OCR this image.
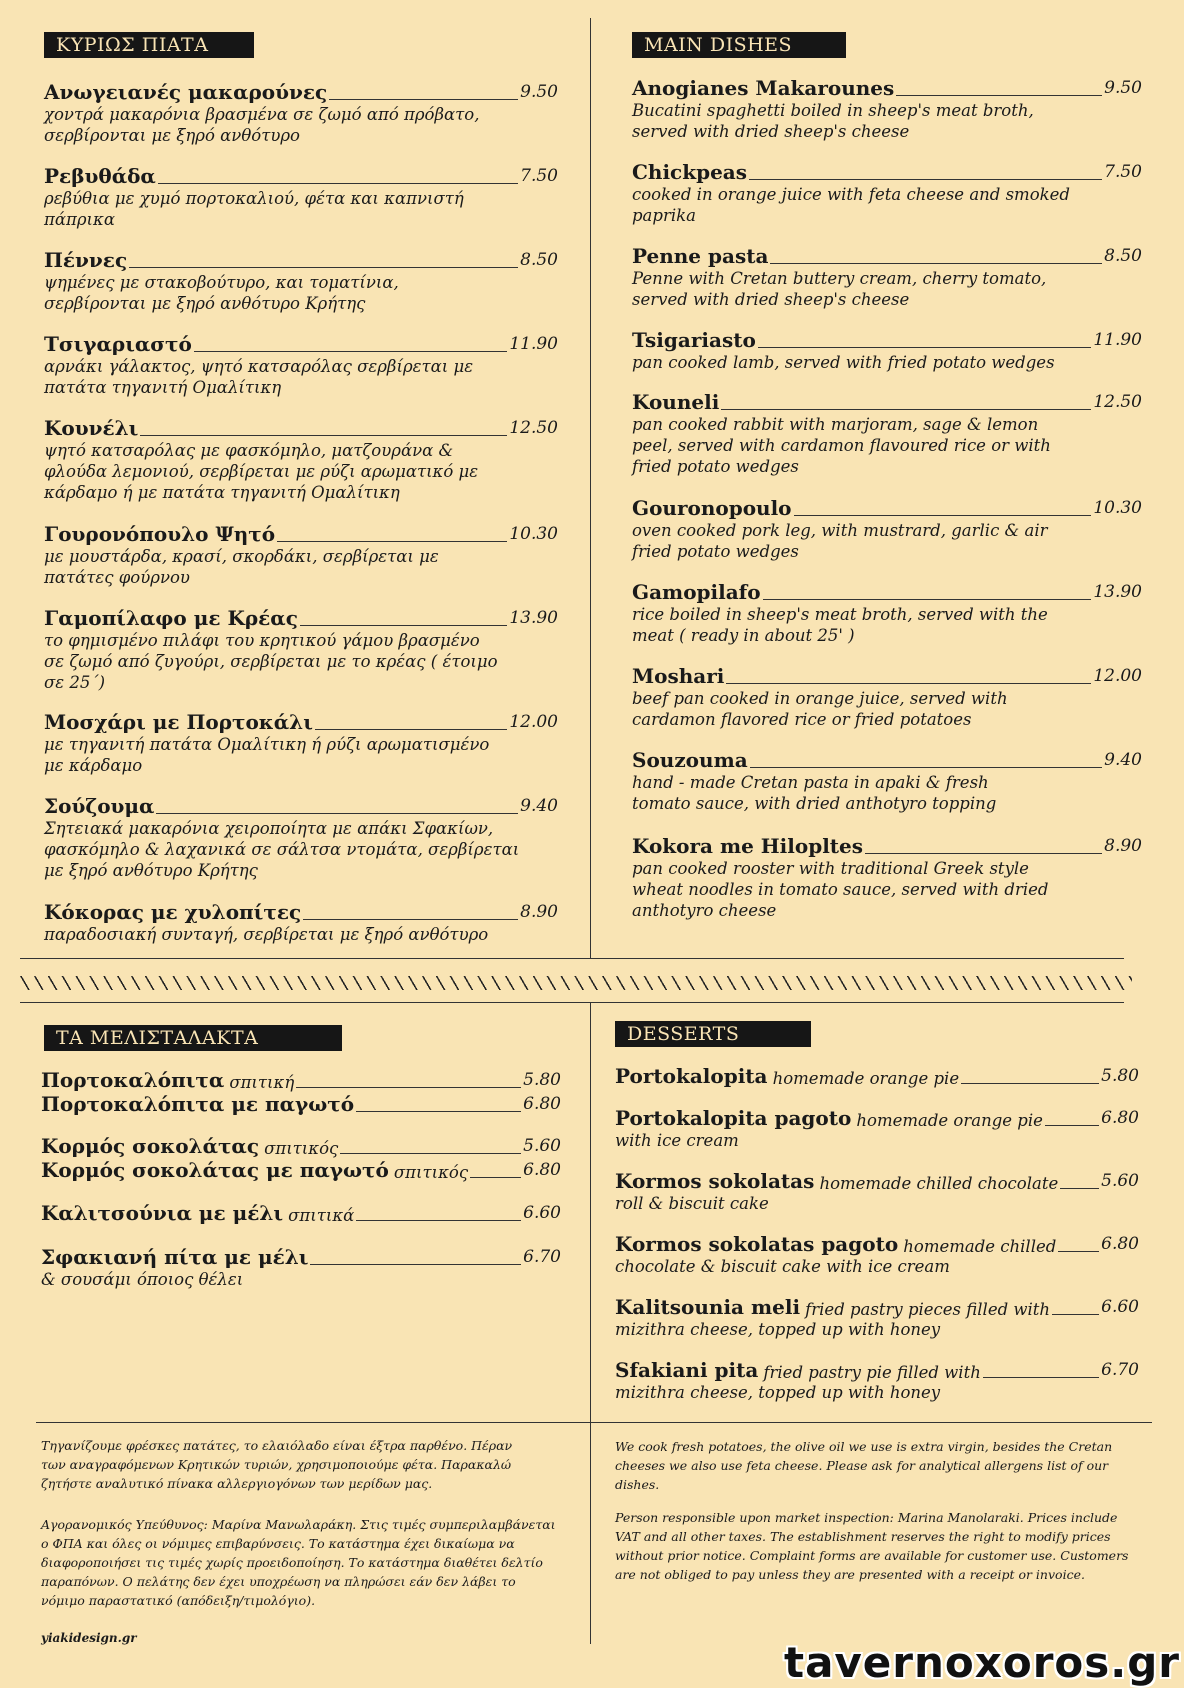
ΚΥΡΙΩΣ ΠΙΑΤΑ	MAIN DISHES
ΤΑ ΜΕΛΙΣΤΑΛΑΚΤΑ	DESSERTS
Ανωγειανές μακαρούνες	9.50
χοντρά μακαρόνια βρασμένα σε ζωμό από πρόβατο, σερβίρονται με ξηρό ανθότυρο
Ρεβυθάδα	7.50
ρεβύθια με χυμό πορτοκαλιού, φέτα και καπνιστή πάπρικα
Πέννες	8.50
ψημένες με στακοβούτυρο, και τοματίνια, σερβίρονται με ξηρό ανθότυρο Κρήτης
Τσιγαριαστό	11.90
αρνάκι γάλακτος, ψητό κατσαρόλας σερβίρεται με πατάτα τηγανιτή Ομαλίτικη
Κουνέλι	12.50
ψητό κατσαρόλας με φασκόμηλο, ματζουράνα & φλούδα λεμονιού, σερβίρεται με ρύζι αρωματικό με κάρδαμο ή με πατάτα τηγανιτή Ομαλίτικη
Γουρονόπουλο Ψητό	10.30
με μουστάρδα, κρασί, σκορδάκι, σερβίρεται με πατάτες φούρνου
Γαμοπίλαφο με Κρέας	13.90
το φημισμένο πιλάφι του κρητικού γάμου βρασμένο σε ζωμό από ζυγούρι, σερβίρεται με το κρέας ( έτοιμο σε 25΄)
Μοσχάρι με Πορτοκάλι	12.00
με τηγανιτή πατάτα Ομαλίτικη ή ρύζι αρωματισμένο με κάρδαμο
Σούζουμα	9.40
Σητειακά μακαρόνια χειροποίητα με απάκι Σφακίων, φασκόμηλο & λαχανικά σε σάλτσα ντομάτα, σερβίρεται με ξηρό ανθότυρο Κρήτης
Κόκορας με χυλοπίτες	8.90
παραδοσιακή συνταγή, σερβίρεται με ξηρό ανθότυρο
Anogianes Makarounes	9.50
Bucatini spaghetti boiled in sheep's meat broth, served with dried sheep's cheese
Chickpeas	7.50
cooked in orange juice with feta cheese and smoked paprika
Penne pasta	8.50
Penne with Cretan buttery cream, cherry tomato, served with dried sheep's cheese
Tsigariasto	11.90
pan cooked lamb, served with fried potato wedges
Kouneli	12.50
pan cooked rabbit with marjoram, sage & lemon peel, served with cardamon flavoured rice or with fried potato wedges
Gouronopoulo	10.30
oven cooked pork leg, with mustrard, garlic & air fried potato wedges
Gamopilafo	13.90
rice boiled in sheep's meat broth, served with the meat ( ready in about 25' )
Moshari	12.00
beef pan cooked in orange juice, served with cardamon flavored rice or fried potatoes
Souzouma	9.40
hand - made Cretan pasta in apaki & fresh tomato sauce, with dried anthotyro topping
Kokora me Hilopltes	8.90
pan cooked rooster with traditional Greek style wheat noodles in tomato sauce, served with dried anthotyro cheese
Πορτοκαλόπιτα
σπιτική	5.80
Πορτοκαλόπιτα με παγωτό	6.80
Κορμός σοκολάτας
σπιτικός	5.60
Κορμός σοκολάτας με παγωτό
σπιτικός	6.80
Καλιτσούνια με μέλι
σπιτικά	6.60
Σφακιανή πίτα με μέλι	6.70
& σουσάμι όποιος θέλει
Portokalopita
homemade orange pie	5.80
Portokalopita pagoto
homemade orange pie	6.80
with ice cream
Kormos sokolatas
homemade chilled chocolate	5.60
roll & biscuit cake
Kormos sokolatas pagoto
homemade chilled	6.80
chocolate & biscuit cake with ice cream
Kalitsounia meli
fried pastry pieces filled with	6.60
mizithra cheese, topped up with honey
Sfakiani pita
fried pastry pie filled with	6.70
mizithra cheese, topped up with honey
Τηγανίζουμε φρέσκες πατάτες, το ελαιόλαδο είναι έξτρα παρθένο. Πέραν των αναγραφόμενων Κρητικών τυριών, χρησιμοποιούμε φέτα. Παρακαλώ ζητήστε αναλυτικό πίνακα αλλεργιογόνων των μερίδων μας.
Αγορανομικός Υπεύθυνος: Μαρίνα Μανωλαράκη. Στις τιμές συμπεριλαμβάνεται ο ΦΠΑ και όλες οι νόμιμες επιβαρύνσεις. Το κατάστημα έχει δικαίωμα να διαφοροποιήσει τις τιμές χωρίς προειδοποίηση. Το κατάστημα διαθέτει δελτίο παραπόνων. Ο πελάτης δεν έχει υποχρέωση να πληρώσει εάν δεν λάβει το νόμιμο παραστατικό (απόδειξη/τιμολόγιο).
yiakidesign.gr
We cook fresh potatoes, the olive oil we use is extra virgin, besides the Cretan cheeses we also use feta cheese. Please ask for analytical allergens list of our dishes.
Person responsible upon market inspection: Marina Manolaraki. Prices include VAT and all other taxes. The establishment reserves the right to modify prices without prior notice. Complaint forms are available for customer use. Customers are not obliged to pay unless they are presented with a receipt or invoice.
tavernoxoros.gr
